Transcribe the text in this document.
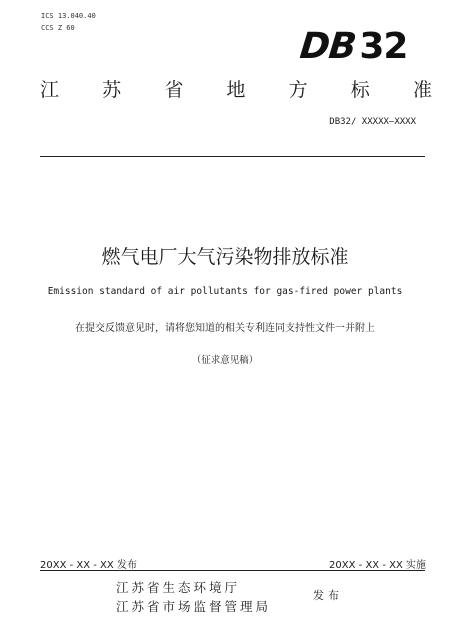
ICS 13.040.40
CCS Z 60	DB32
江 苏 省 地 方 标 准
DB32/ XXXXX—XXXX
燃气电厂大气污染物排放标准
Emission standard of air pollutants for gas-fired power plants
在提交反馈意见时，请将您知道的相关专利连同支持性文件一并附上
（征求意见稿）
20XX - XX - XX 发布	20XX - XX - XX 实施
江苏省生态环境厅
江苏省市场监督管理局
发布
